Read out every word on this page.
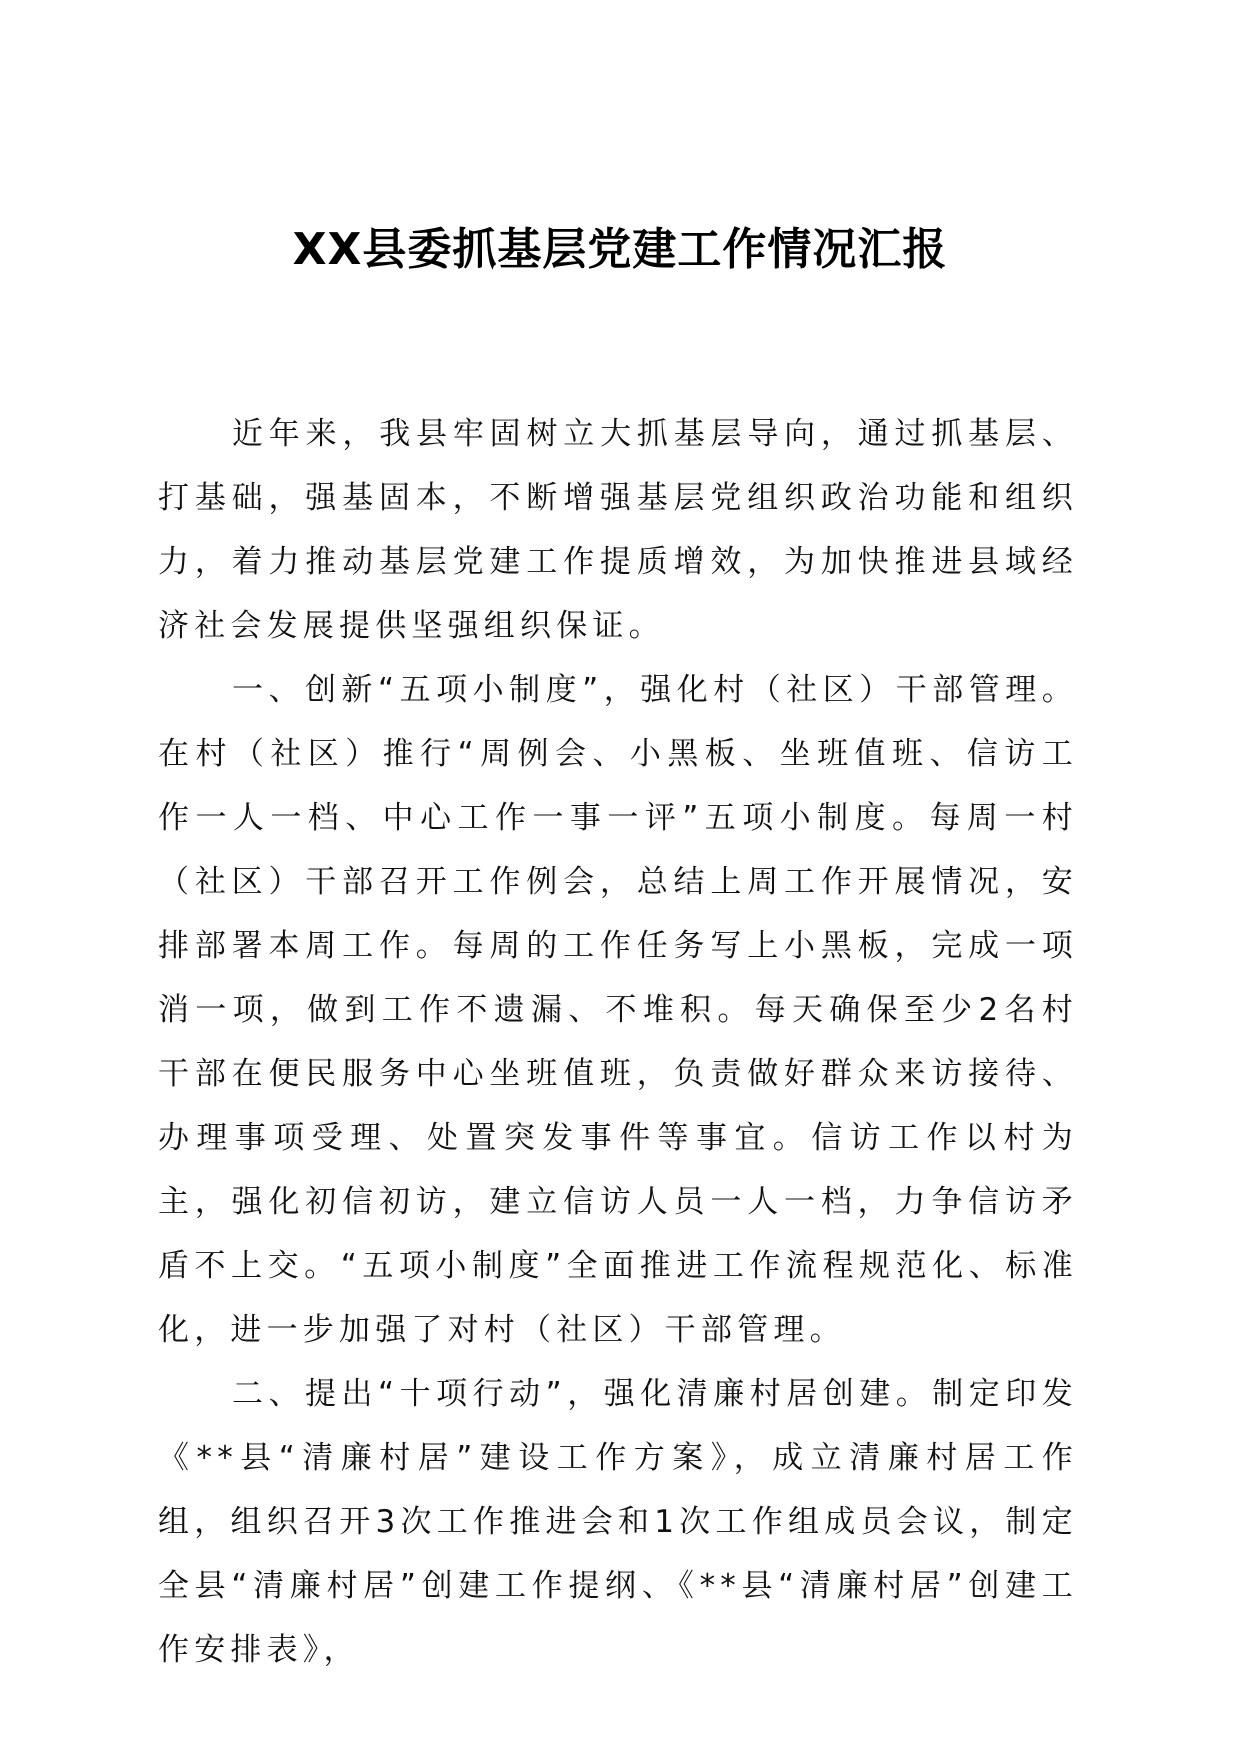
XX县委抓基层党建工作情况汇报

近年来，我县牢固树立大抓基层导向，通过抓基层、打基础，强基固本，不断增强基层党组织政治功能和组织力，着力推动基层党建工作提质增效，为加快推进县域经济社会发展提供坚强组织保证。

一、创新“五项小制度”，强化村（社区）干部管理。在村（社区）推行“周例会、小黑板、坐班值班、信访工作一人一档、中心工作一事一评”五项小制度。每周一村（社区）干部召开工作例会，总结上周工作开展情况，安排部署本周工作。每周的工作任务写上小黑板，完成一项消一项，做到工作不遗漏、不堆积。每天确保至少2名村干部在便民服务中心坐班值班，负责做好群众来访接待、办理事项受理、处置突发事件等事宜。信访工作以村为主，强化初信初访，建立信访人员一人一档，力争信访矛盾不上交。“五项小制度”全面推进工作流程规范化、标准化，进一步加强了对村（社区）干部管理。

二、提出“十项行动”，强化清廉村居创建。制定印发《**县“清廉村居”建设工作方案》，成立清廉村居工作组，组织召开3次工作推进会和1次工作组成员会议，制定全县“清廉村居”创建工作提纲、《**县“清廉村居”创建工作安排表》，
